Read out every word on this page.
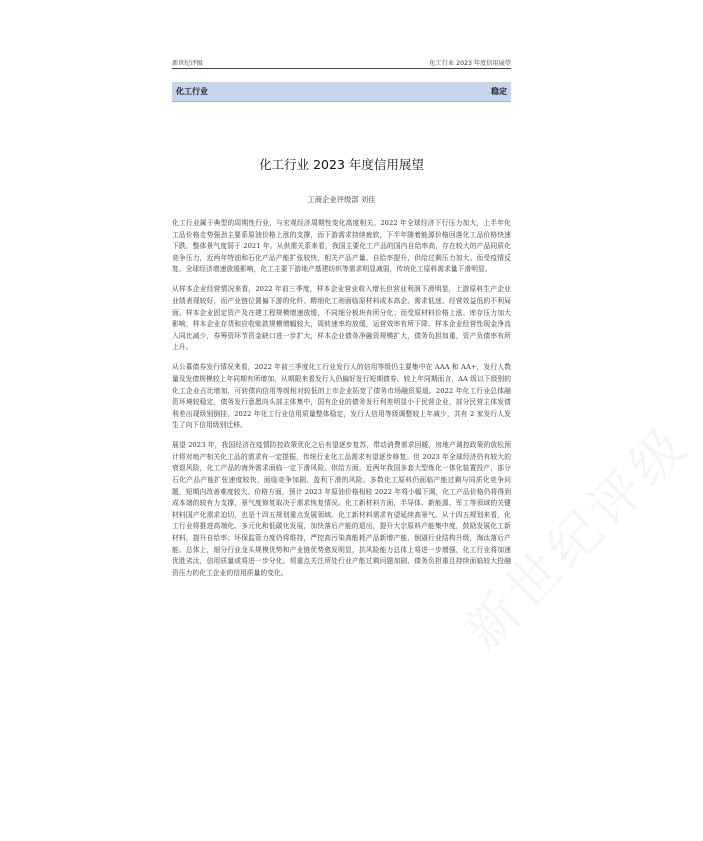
新世纪评级	化工行业 2023 年度信用展望
化工行业	稳定
化工行业 2023 年度信用展望
工商企业评级部 刘佳

化工行业属于典型的周期性行业，与宏观经济周期性变化高度相关。2022 年全球经济下行压力加大，上半年化工品价格走势强劲主要系原油价格上涨的支撑，而下游需求持续疲软，下半年随着能源价格回落化工品价格快速下跌，整体景气度弱于 2021 年。从供需关系来看，我国主要化工产品的国内自给率高，存在较大的产品同质化竞争压力，近两年特油和石化产品产能扩张较快，相关产品产量、自给率提升，供给过剩压力加大。而受疫情反复、全球经济增速放缓影响，化工主要下游地产基建纺织等需求明显减弱，传统化工原料需求量下滑明显。

从样本企业经营情况来看，2022 年前三季度，样本企业营业收入增长但营业利润下滑明显，上游原料生产企业业绩表现较好，而产业链位置偏下游的化纤、精细化工则面临原材料成本高企、需求低迷、经营效益低的不利局面。样本企业固定资产及在建工程规模增速放缓，不同细分板块有所分化；而受原材料价格上涨、库存压力加大影响，样本企业存货和应收账款规模增幅较大，周转速率均放缓，运营效率有所下降。样本企业经营性现金净流入同比减少，券筹资环节资金缺口进一步扩大，样本企业债务净融资规模扩大，债务负担加重，资产负债率有所上升。

从公募债券发行情况来看，2022 年前三季度化工行业发行人的信用等级仍主要集中在 AAA 和 AA+，发行人数量及发债规模较上年同期有所增加，从期限来看发行人仍偏好发行短期债券。较上年同期而言，AA 级以下级别的化工企业占比增加，可转债向信用等级相对较低的上市企业拓宽了债务市场融资渠道。2022 年化工行业总体融资环境较稳定，债务发行意愿向头部主体集中，国有企业的债务发行利差明显小于民营企业，部分民营主体发债利差出现级别倒挂。2022 年化工行业信用质量整体稳定，发行人信用等级调整较上年减少，共有 2 家发行人发生了向下信用级别迁移。

展望 2023 年，我国经济在疫情防控政策优化之后有望逐步复苏，带动消费需求回暖，房地产调控政策的放松预计将对地产相关化工品的需求有一定提振，传统行业化工品需求有望逐步修复。但 2023 年全球经济仍有较大的衰退风险，化工产品的海外需求面临一定下滑风险。供给方面，近两年我国多套大型炼化一体化装置投产，部分石化产品产能扩张速度较快，面临竞争加剧、盈利下滑的风险。多数化工原料仍面临产能过剩与同质化竞争问题，短期内改善难度较大。价格方面，预计 2023 年原油价格相较 2022 年将小幅下调，化工产品价格仍将得到成本端的较有力支撑，景气度修复取决于需求恢复情况。化工新材料方面，半导体、新能源、军工等领域的关键材料国产化需求迫切，也是十四五规划重点发展领域。化工新材料需求有望延续高景气。从十四五规划来看，化工行业将推进高端化、多元化和低碳化发展，加快落后产能的退出，提升大宗原料产能集中度，鼓励发展化工新材料，提升自给率；环保监管力度仍将维持，严控高污染高能耗产品新增产能，倒逼行业结构升级，淘汰落后产能。总体上，细分行业龙头规模优势和产业链优势愈发明显，抗风险能力总体上将进一步增强，化工行业将加速优胜劣汰，信用质量或将进一步分化。须重点关注所处行业产能过剩问题加剧、债务负担重且持续面临较大投融资压力的化工企业的信用质量的变化。	新世纪评级
